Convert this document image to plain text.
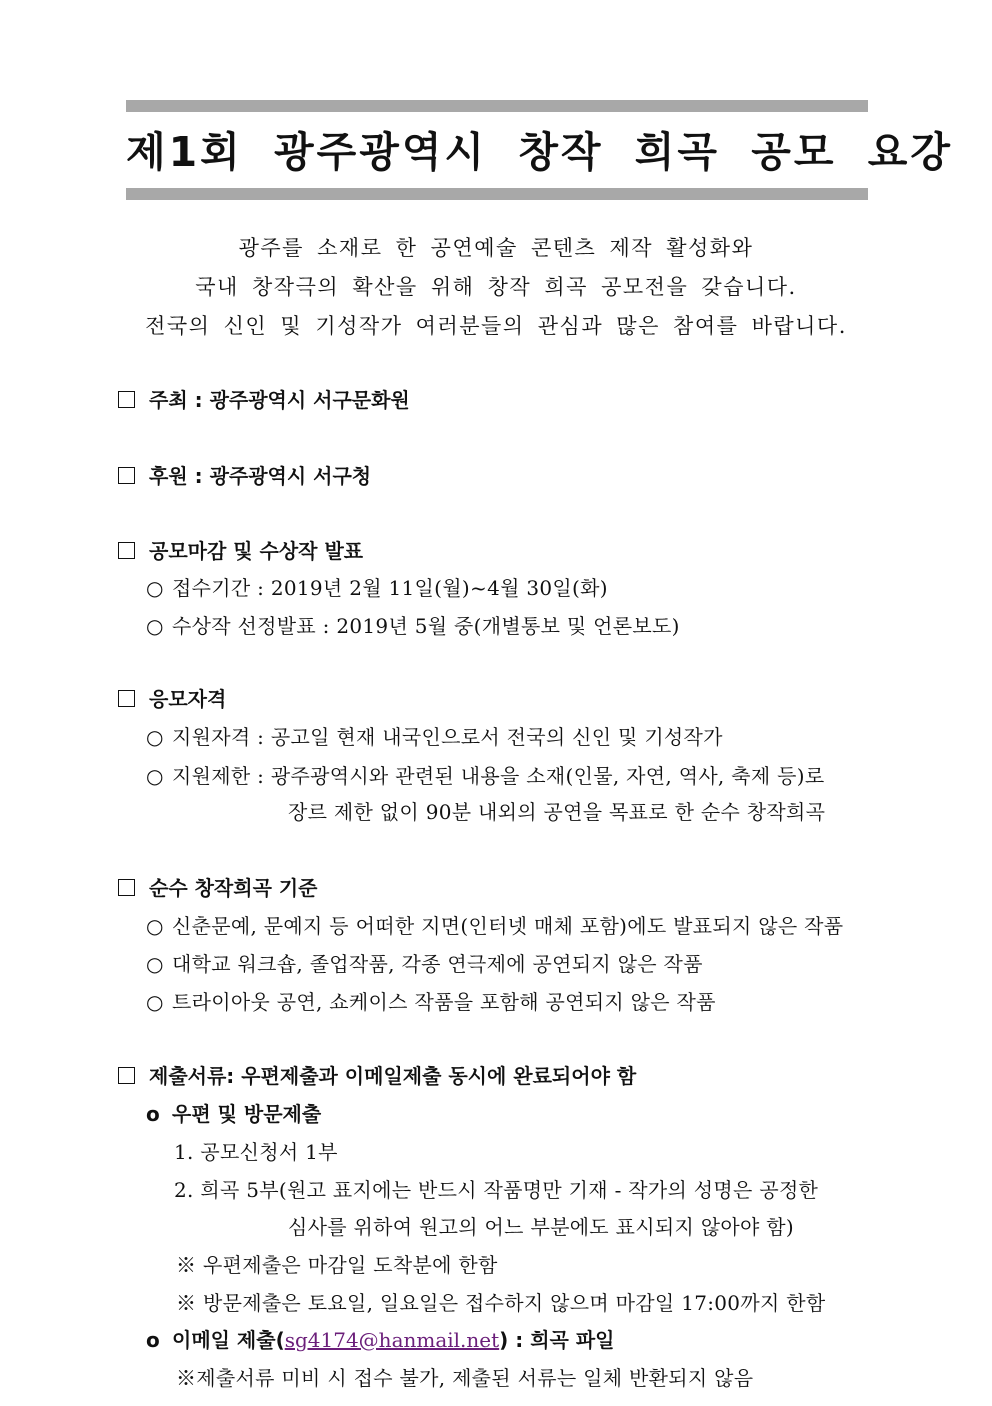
제1회 광주광역시 창작 희곡 공모 요강
광주를 소재로 한 공연예술 콘텐츠 제작 활성화와
국내 창작극의 확산을 위해 창작 희곡 공모전을 갖습니다.
전국의 신인 및 기성작가 여러분들의 관심과 많은 참여를 바랍니다.
주최 : 광주광역시 서구문화원
후원 : 광주광역시 서구청
공모마감 및 수상작 발표
○ 접수기간 : 2019년 2월 11일(월)~4월 30일(화)
○ 수상작 선정발표 : 2019년 5월 중(개별통보 및 언론보도)
응모자격
○ 지원자격 : 공고일 현재 내국인으로서 전국의 신인 및 기성작가
○ 지원제한 : 광주광역시와 관련된 내용을 소재(인물, 자연, 역사, 축제 등)로
장르 제한 없이 90분 내외의 공연을 목표로 한 순수 창작희곡
순수 창작희곡 기준
○ 신춘문예, 문예지 등 어떠한 지면(인터넷 매체 포함)에도 발표되지 않은 작품
○ 대학교 워크숍, 졸업작품, 각종 연극제에 공연되지 않은 작품
○ 트라이아웃 공연, 쇼케이스 작품을 포함해 공연되지 않은 작품
제출서류: 우편제출과 이메일제출 동시에 완료되어야 함
o 우편 및 방문제출
1. 공모신청서 1부
2. 희곡 5부(원고 표지에는 반드시 작품명만 기재 - 작가의 성명은 공정한
심사를 위하여 원고의 어느 부분에도 표시되지 않아야 함)
※ 우편제출은 마감일 도착분에 한함
※ 방문제출은 토요일, 일요일은 접수하지 않으며 마감일 17:00까지 한함
o 이메일 제출(sg4174@hanmail.net) : 희곡 파일
※제출서류 미비 시 접수 불가, 제출된 서류는 일체 반환되지 않음
